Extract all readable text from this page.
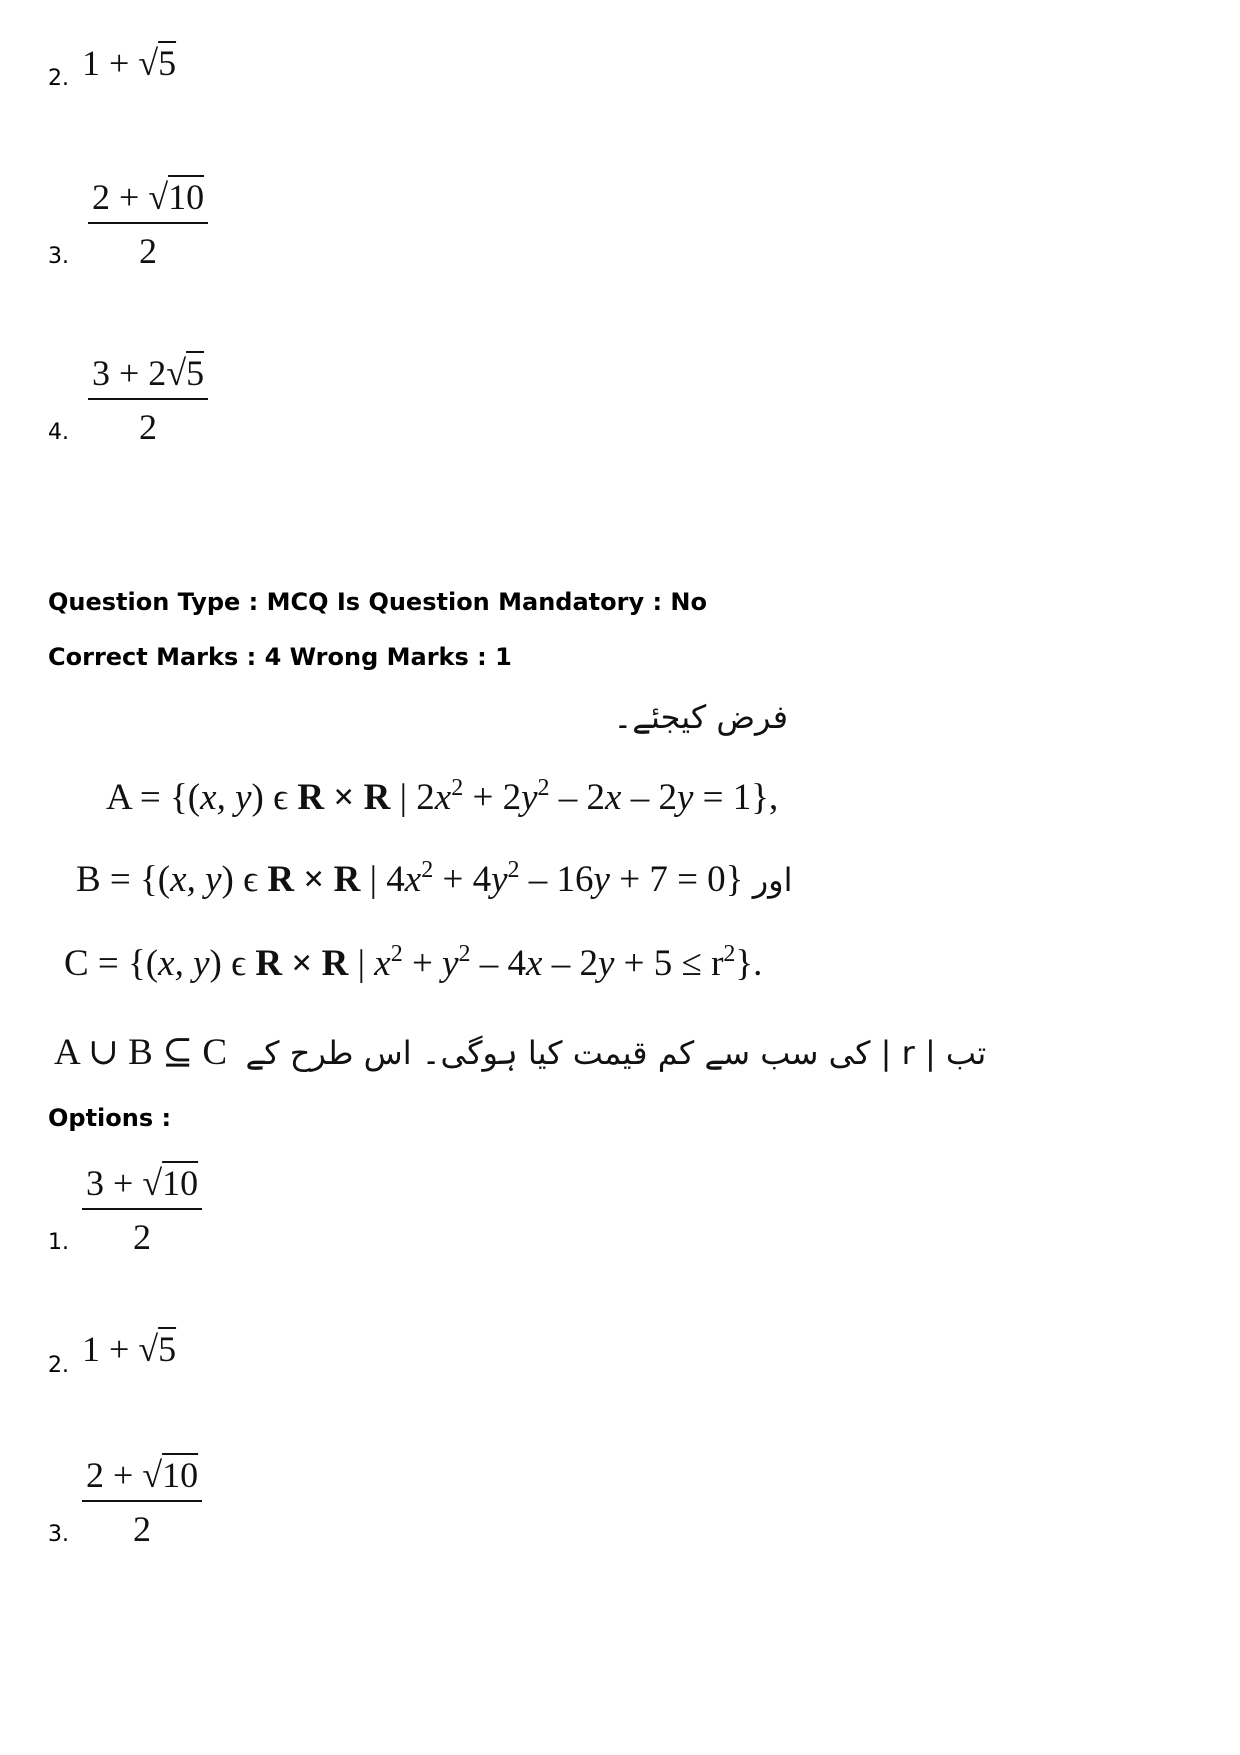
2. 1 + √5
3. $\frac{2 + √10}{2}$
4. $\frac{3 + 2√5}{2}$
Question Type : MCQ Is Question Mandatory : No
Correct Marks : 4 Wrong Marks : 1
فرض کیجئے۔
A = {(x, y) ϵ R × R | $2x^2 + 2y^2 - 2x - 2y = 1$},
B = {(x, y) ϵ R × R | $4x^2 + 4y^2 - 16y + 7 = 0$} اور
C = {(x, y) ϵ R × R | $x^2 + y^2 - 4x - 2y + 5 \le r^2$}.
A ∪ B ⊆ C تب | r | کی سب سے کم قیمت کیا ہوگی۔ اس طرح کے
Options :
1. $\frac{3 + √10}{2}$
2. 1 + √5
3. $\frac{2 + √10}{2}$
